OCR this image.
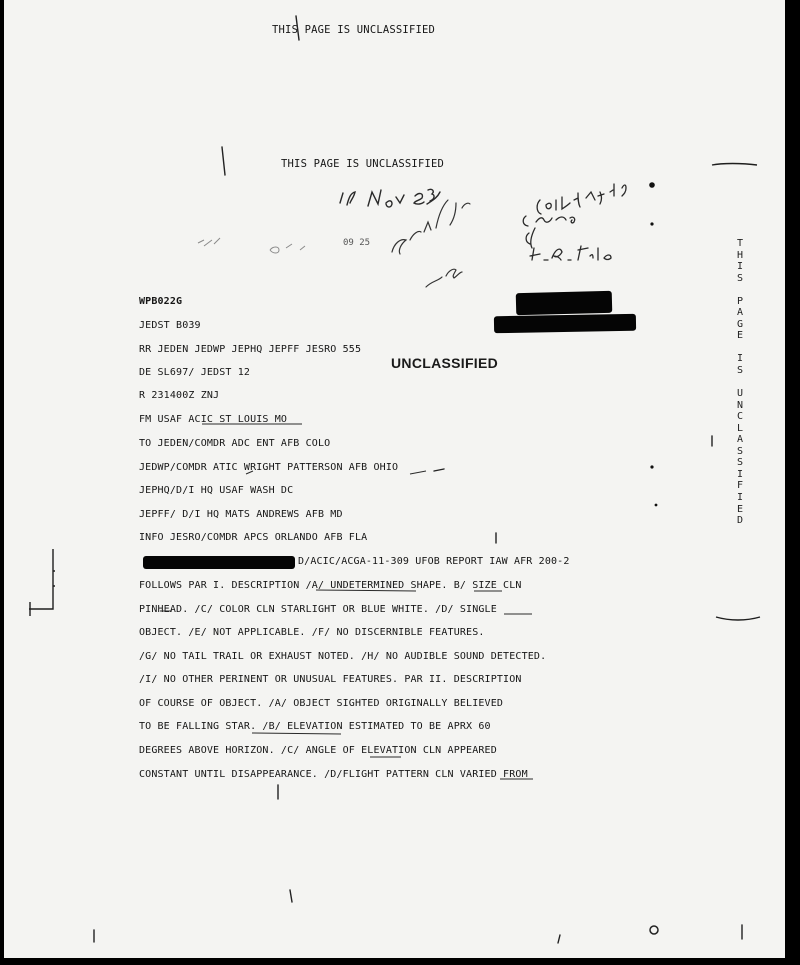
THIS PAGE IS UNCLASSIFIED
THIS PAGE IS UNCLASSIFIED
UNCLASSIFIED
WPB022G
JEDST B039
RR JEDEN JEDWP JEPHQ JEPFF JESRO 555
DE SL697/ JEDST 12
R 231400Z ZNJ
FM USAF ACIC ST LOUIS MO
TO JEDEN/COMDR ADC ENT AFB COLO
JEDWP/COMDR ATIC WRIGHT PATTERSON AFB OHIO
JEPHQ/D/I HQ USAF WASH DC
JEPFF/ D/I HQ MATS ANDREWS AFB MD
INFO JESRO/COMDR APCS ORLANDO AFB FLA
D/ACIC/ACGA-11-309 UFOB REPORT IAW AFR 200-2
FOLLOWS PAR I. DESCRIPTION /A/ UNDETERMINED SHAPE. B/ SIZE CLN
PINHEAD. /C/ COLOR CLN STARLIGHT OR BLUE WHITE. /D/ SINGLE
OBJECT. /E/ NOT APPLICABLE. /F/ NO DISCERNIBLE FEATURES.
/G/ NO TAIL TRAIL OR EXHAUST NOTED. /H/ NO AUDIBLE SOUND DETECTED.
/I/ NO OTHER PERINENT OR UNUSUAL FEATURES. PAR II. DESCRIPTION
OF COURSE OF OBJECT. /A/ OBJECT SIGHTED ORIGINALLY BELIEVED
TO BE FALLING STAR. /B/ ELEVATION ESTIMATED TO BE APRX 60
DEGREES ABOVE HORIZON. /C/ ANGLE OF ELEVATION CLN APPEARED
CONSTANT UNTIL DISAPPEARANCE. /D/FLIGHT PATTERN CLN VARIED FROM
T
H
I
S

P
A
G
E

I
S

U
N
C
L
A
S
S
I
F
I
E
D
09 25
